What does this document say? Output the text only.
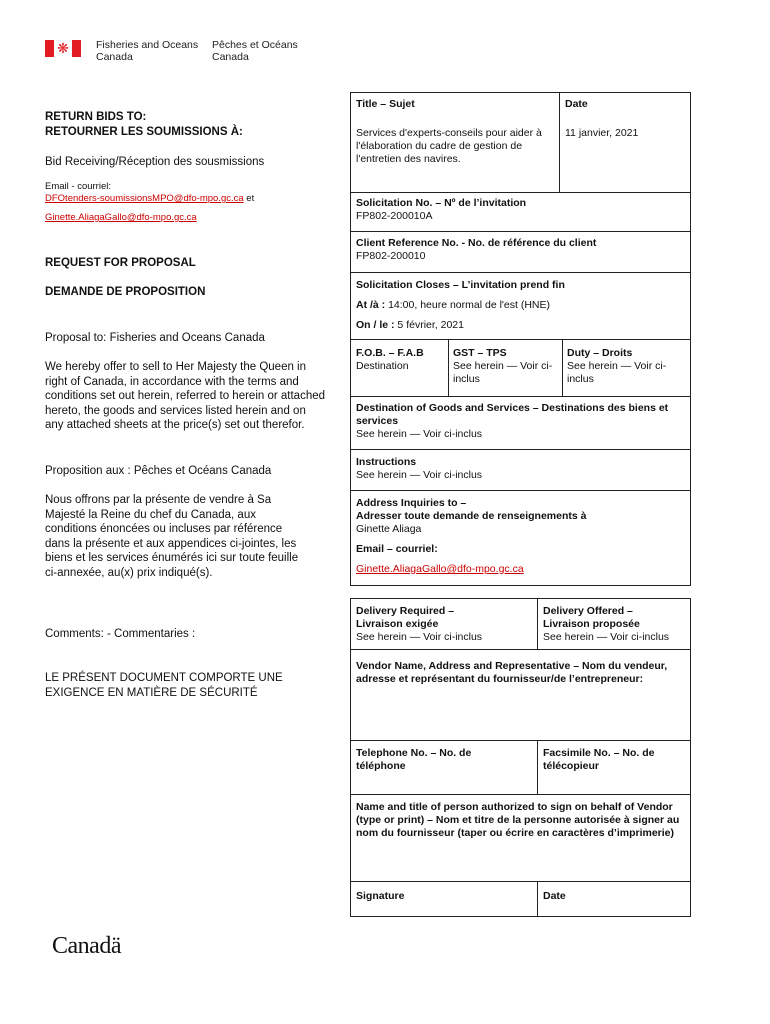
❋	Fisheries and Oceans
Canada
Pêches et Océans
Canada
RETURN BIDS TO:
RETOURNER LES SOUMISSIONS À:
Bid Receiving/Réception des sousmissions
Email - courriel:
DFOtenders-soumissionsMPO@dfo-mpo.gc.ca et
Ginette.AliagaGallo@dfo-mpo.gc.ca
REQUEST FOR PROPOSAL
DEMANDE DE PROPOSITION
Proposal to: Fisheries and Oceans Canada
We hereby offer to sell to Her Majesty the Queen in right of Canada, in accordance with the terms and conditions set out herein, referred to herein or attached hereto, the goods and services listed herein and on any attached sheets at the price(s) set out therefor.
Proposition aux : Pêches et Océans Canada
Nous offrons par la présente de vendre à Sa Majesté la Reine du chef du Canada, aux conditions énoncées ou incluses par référence dans la présente et aux appendices ci-jointes, les biens et les services énumérés ici sur toute feuille ci-annexée, au(x) prix indiqué(s).
Comments: - Commentaries :
LE PRÉSENT DOCUMENT COMPORTE UNE EXIGENCE EN MATIÈRE DE SÉCURITÉ
Title – Sujet
Services d'experts-conseils pour aider à l'élaboration du cadre de gestion de l'entretien des navires.
Date
11 janvier, 2021
Solicitation No. – Nº de l’invitation
FP802-200010A
Client Reference No. - No. de référence du client
FP802-200010
Solicitation Closes – L’invitation prend fin
At /à : 14:00, heure normal de l'est (HNE)
On / le : 5 février, 2021
F.O.B. – F.A.B
Destination
GST – TPS
See herein — Voir ci-inclus
Duty – Droits
See herein — Voir ci-inclus
Destination of Goods and Services – Destinations des biens et services
See herein — Voir ci-inclus
Instructions
See herein — Voir ci-inclus
Address Inquiries to –
Adresser toute demande de renseignements à
Ginette Aliaga
Email – courriel:
Ginette.AliagaGallo@dfo-mpo.gc.ca
Delivery Required –
Livraison exigée
See herein — Voir ci-inclus
Delivery Offered –
Livraison proposée
See herein — Voir ci-inclus
Vendor Name, Address and Representative – Nom du vendeur, adresse et représentant du fournisseur/de l’entrepreneur:
Telephone No. – No. de téléphone
Facsimile No. – No. de télécopieur
Name and title of person authorized to sign on behalf of Vendor (type or print) – Nom et titre de la personne autorisée à signer au nom du fournisseur (taper ou écrire en caractères d’imprimerie)
Signature	Date
Canadä
